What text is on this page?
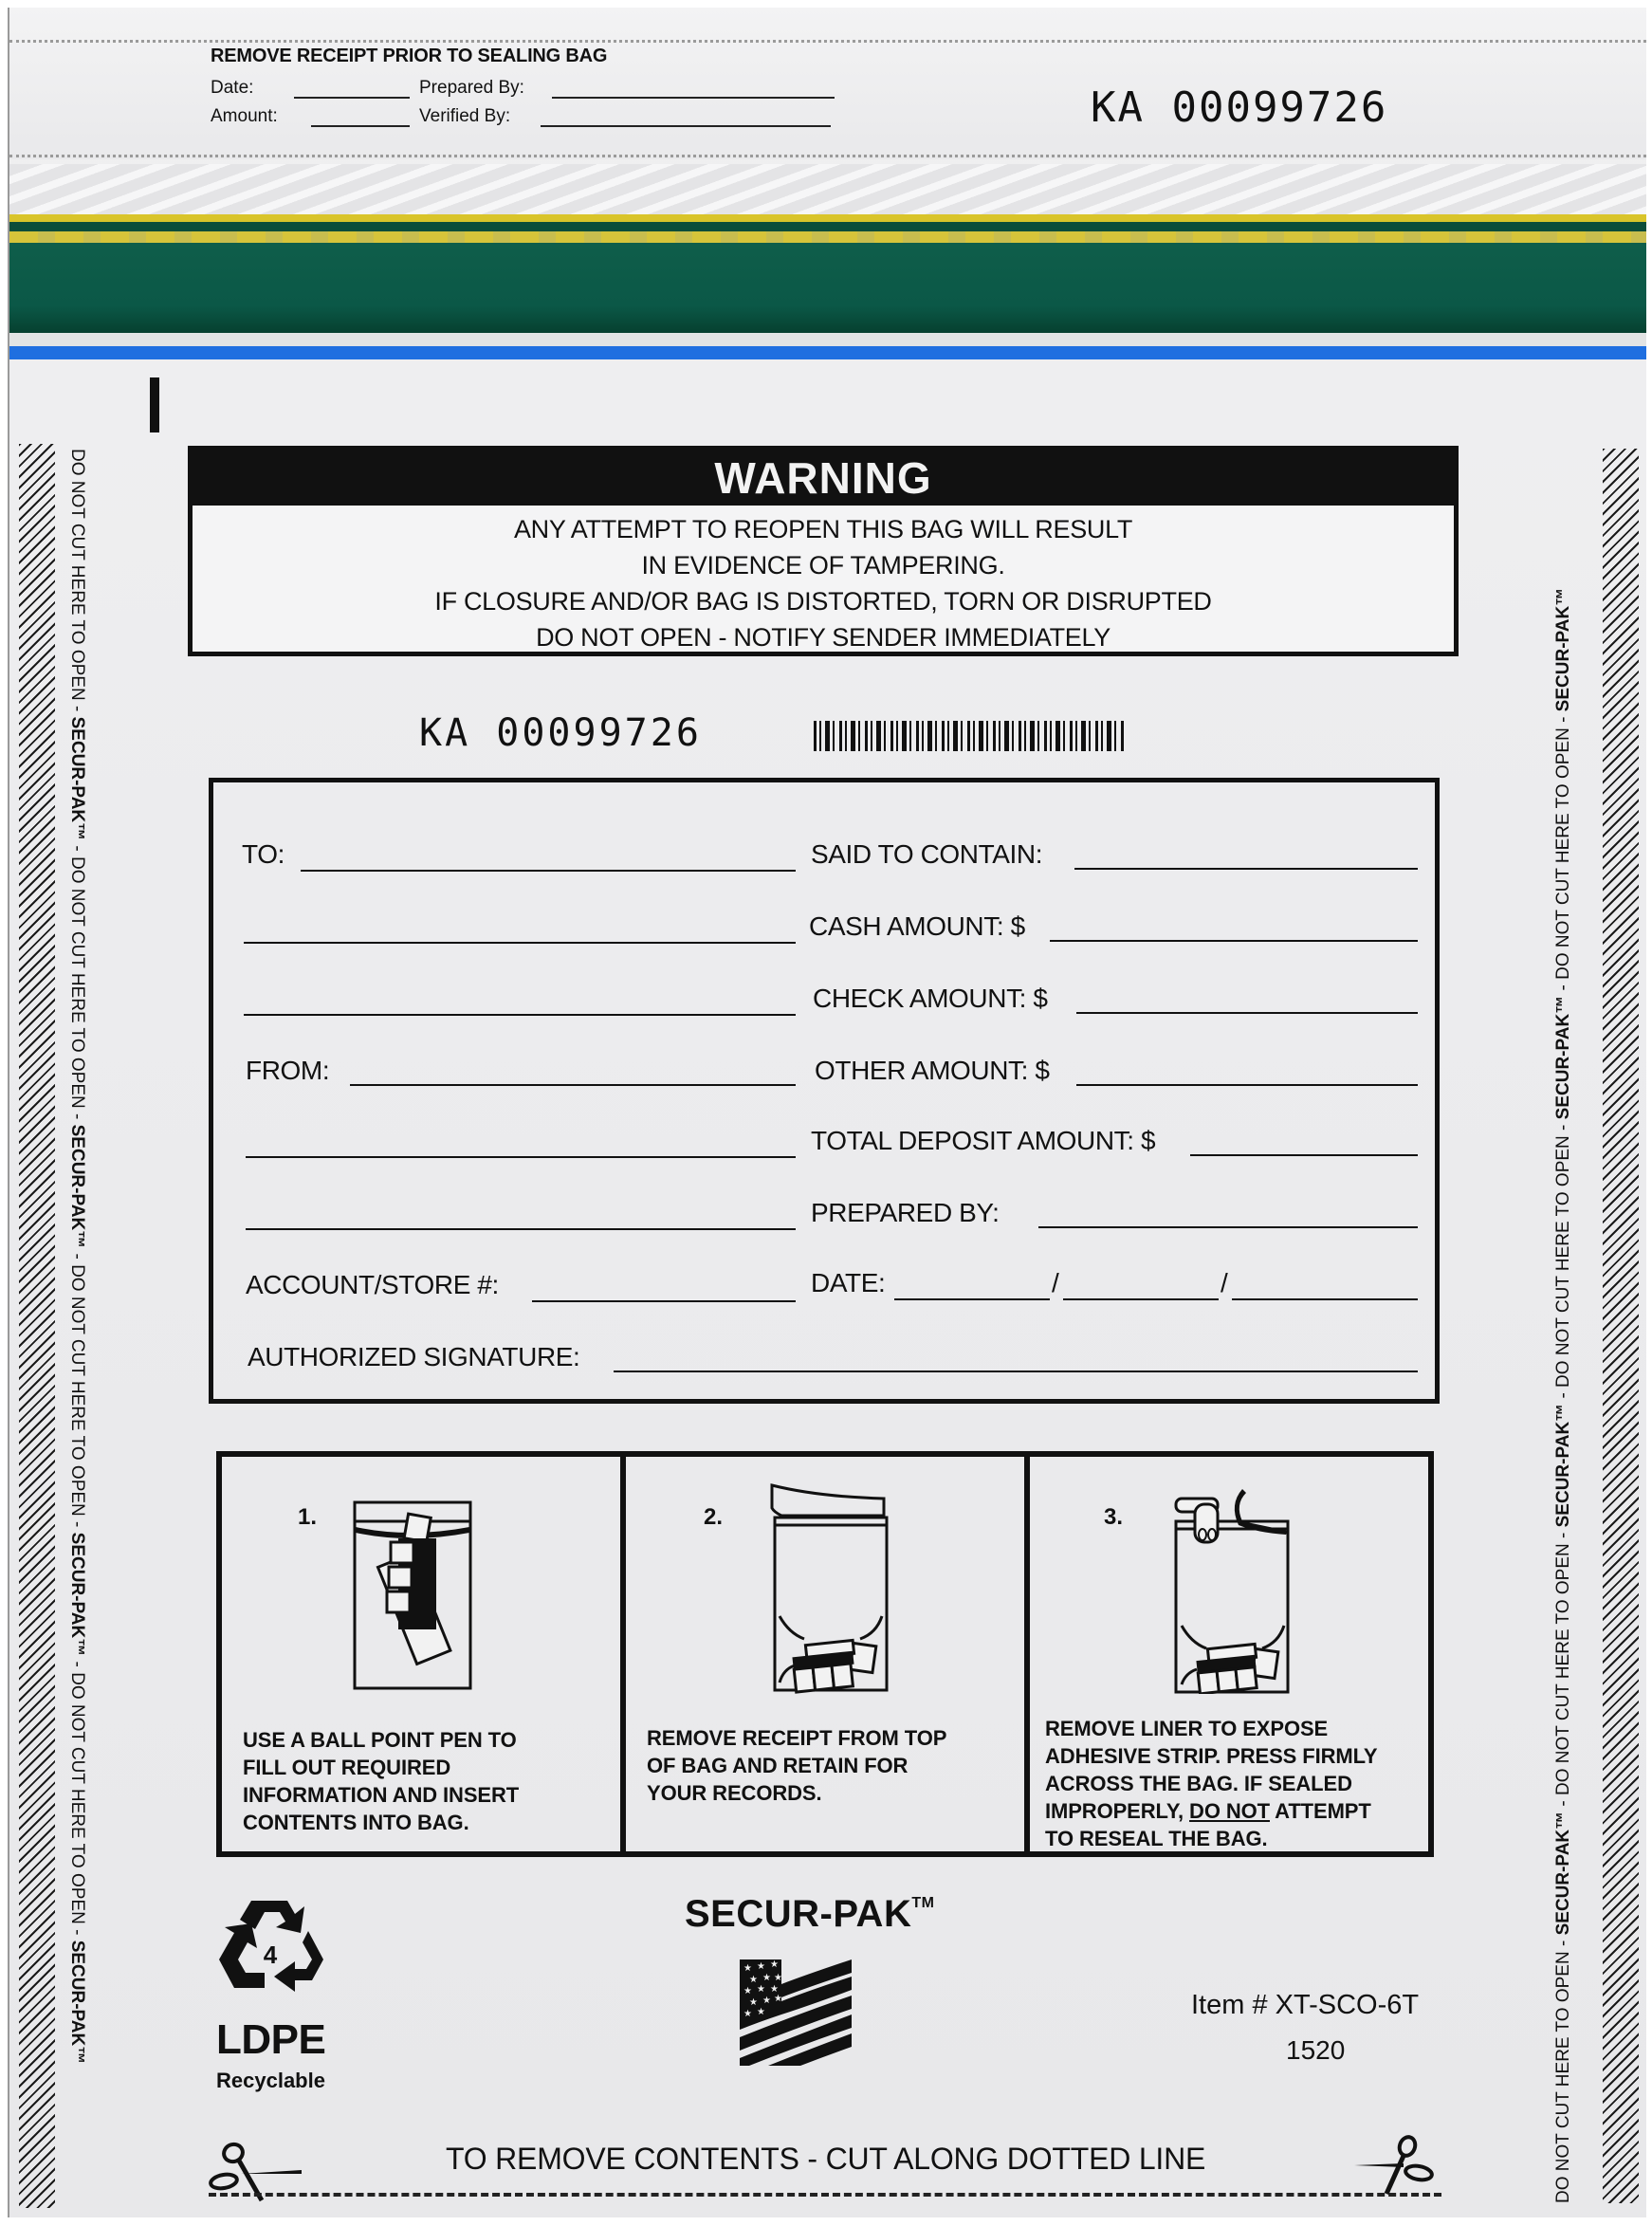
REMOVE RECEIPT PRIOR TO SEALING BAG
Date:	Prepared By:
Amount:	Verified By:	KA 00099726
DO NOT CUT HERE TO OPEN - SECUR-PAK™ - DO NOT CUT HERE TO OPEN - SECUR-PAK™ - DO NOT CUT HERE TO OPEN - SECUR-PAK™ - DO NOT CUT HERE TO OPEN - SECUR-PAK™	DO NOT CUT HERE TO OPEN - SECUR-PAK™ - DO NOT CUT HERE TO OPEN - SECUR-PAK™ - DO NOT CUT HERE TO OPEN - SECUR-PAK™ - DO NOT CUT HERE TO OPEN - SECUR-PAK™
WARNING
ANY ATTEMPT TO REOPEN THIS BAG WILL RESULT
IN EVIDENCE OF TAMPERING.
IF CLOSURE AND/OR BAG IS DISTORTED, TORN OR DISRUPTED
DO NOT OPEN - NOTIFY SENDER IMMEDIATELY
KA 00099726
TO:	SAID TO CONTAIN:
CASH AMOUNT: $
CHECK AMOUNT: $
FROM:	OTHER AMOUNT: $
TOTAL DEPOSIT AMOUNT: $
PREPARED BY:
ACCOUNT/STORE #:	DATE:	/	/
AUTHORIZED SIGNATURE:
1.
USE A BALL POINT PEN TO
FILL OUT REQUIRED
INFORMATION AND INSERT
CONTENTS INTO BAG.
2.
REMOVE RECEIPT FROM TOP
OF BAG AND RETAIN FOR
YOUR RECORDS.
3.
REMOVE LINER TO EXPOSE
ADHESIVE STRIP. PRESS FIRMLY
ACROSS THE BAG. IF SEALED
IMPROPERLY, DO NOT ATTEMPT
TO RESEAL THE BAG.
4
LDPE
Recyclable
SECUR-PAK™
★ ★ ★
★ ★ ★
★ ★ ★
★ ★ ★
★ ★	Item # XT-SCO-6T
1520
TO REMOVE CONTENTS - CUT ALONG DOTTED LINE
